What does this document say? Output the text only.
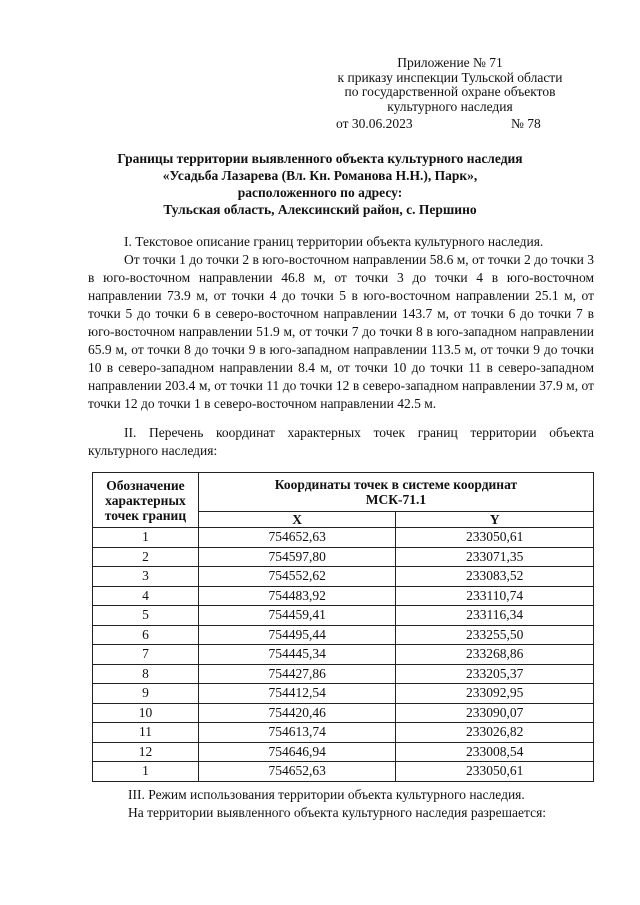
Приложение № 71
к приказу инспекции Тульской области
по государственной охране объектов
культурного наследия
от 30.06.2023	№ 78
Границы территории выявленного объекта культурного наследия
«Усадьба Лазарева (Вл. Кн. Романова Н.Н.), Парк»,
расположенного по адресу:
Тульская область, Алексинский район, с. Першино
I. Текстовое описание границ территории объекта культурного наследия.
От точки 1 до точки 2 в юго-восточном направлении 58.6 м, от точки 2 до точки 3 в юго-восточном направлении 46.8 м, от точки 3 до точки 4 в юго-восточном направлении 73.9 м, от точки 4 до точки 5 в юго-восточном направлении 25.1 м, от точки 5 до точки 6 в северо-восточном направлении 143.7 м, от точки 6 до точки 7 в юго-восточном направлении 51.9 м, от точки 7 до точки 8 в юго-западном направлении 65.9 м, от точки 8 до точки 9 в юго-западном направлении 113.5 м, от точки 9 до точки 10 в северо-западном направлении 8.4 м, от точки 10 до точки 11 в северо-западном направлении 203.4 м, от точки 11 до точки 12 в северо-западном направлении 37.9 м, от точки 12 до точки 1 в северо-восточном направлении 42.5 м.
II. Перечень координат характерных точек границ территории объекта культурного наследия:
Обозначение характерных точек границ	Координаты точек в системе координат
МСК-71.1	

	X	Y
1	754652,63	233050,61
2	754597,80	233071,35
3	754552,62	233083,52
4	754483,92	233110,74
5	754459,41	233116,34
6	754495,44	233255,50
7	754445,34	233268,86
8	754427,86	233205,37
9	754412,54	233092,95
10	754420,46	233090,07
11	754613,74	233026,82
12	754646,94	233008,54
1	754652,63	233050,61
III. Режим использования территории объекта культурного наследия.
На территории выявленного объекта культурного наследия разрешается:
